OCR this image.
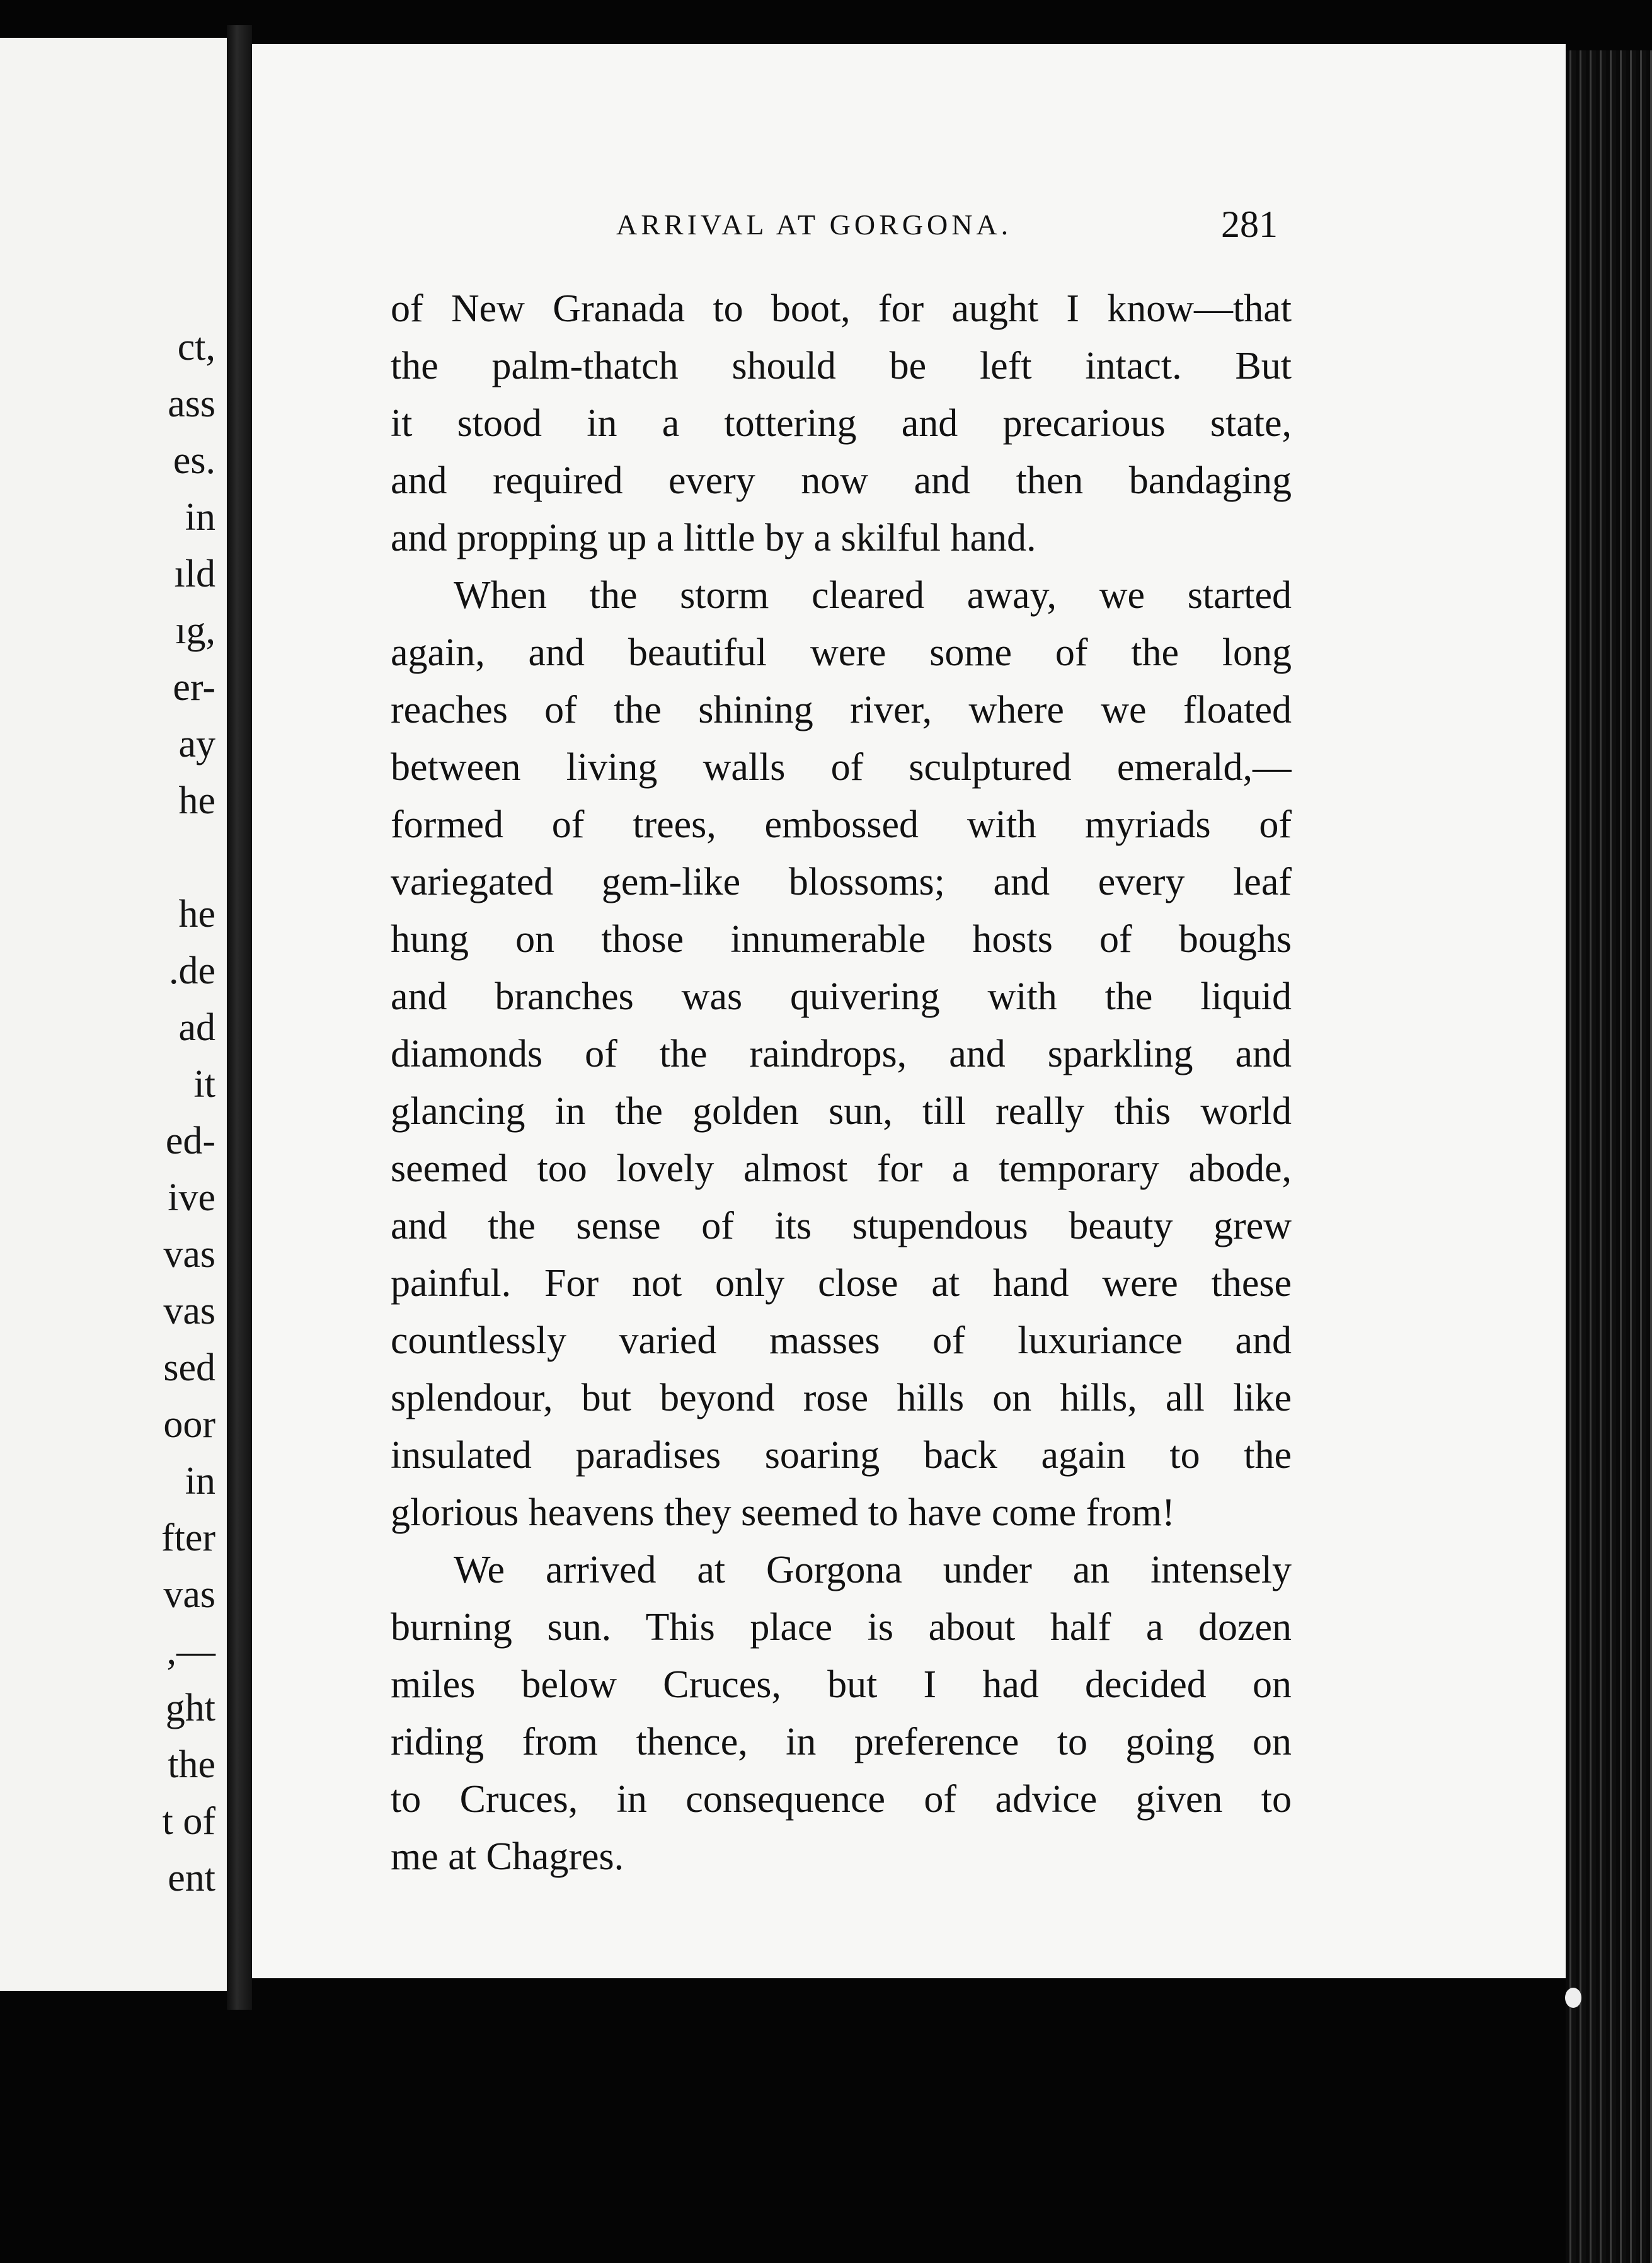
ct,
ass
es.
in
ıld
ıg,
er-
ay
he
he
.de
ad
it
ed-
ive
vas
vas
sed
oor
in
fter
vas
,—
ght
the
t of
ent
ARRIVAL AT GORGONA.	281
of New Granada to boot, for aught I know—that
the palm-thatch should be left intact. But
it stood in a tottering and precarious state,
and required every now and then bandaging
and propping up a little by a skilful hand.
When the storm cleared away, we started
again, and beautiful were some of the long
reaches of the shining river, where we floated
between living walls of sculptured emerald,—
formed of trees, embossed with myriads of
variegated gem-like blossoms; and every leaf
hung on those innumerable hosts of boughs
and branches was quivering with the liquid
diamonds of the raindrops, and sparkling and
glancing in the golden sun, till really this world
seemed too lovely almost for a temporary abode,
and the sense of its stupendous beauty grew
painful. For not only close at hand were these
countlessly varied masses of luxuriance and
splendour, but beyond rose hills on hills, all like
insulated paradises soaring back again to the
glorious heavens they seemed to have come from!
We arrived at Gorgona under an intensely
burning sun. This place is about half a dozen
miles below Cruces, but I had decided on
riding from thence, in preference to going on
to Cruces, in consequence of advice given to
me at Chagres.
